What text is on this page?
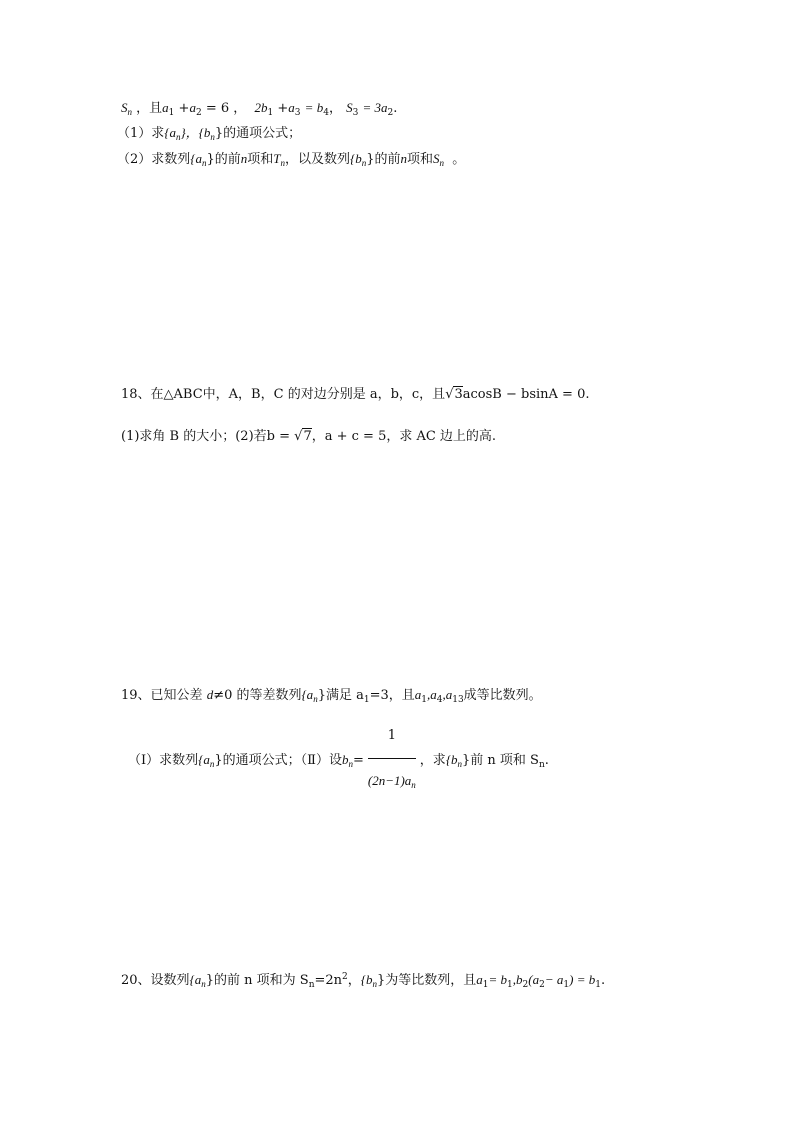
$S_n$ ，且$a_1 +a_2 = 6$ ， $2b_1 +a_3 = b_4$， $S_3 = 3a_2$.
（1）求$\{a_n\}$，$\{b_n\}$的通项公式；
（2）求数列$\{a_n\}$的前n项和$T_n$，以及数列$\{b_n\}$的前n项和$S_n$ 。
18、在△ABC中，A，B，C 的对边分别是 a，b，c，且√3acosB − bsinA = 0.
(1)求角 B 的大小；(2)若b = √7，a + c = 5，求 AC 边上的高.
19、已知公差 d≠0 的等差数列$\{a_n\}$满足 $a_1=3$，且$a_1,a_4,a_{13}$成等比数列。
（Ⅰ）求数列$\{a_n\}$的通项公式；（Ⅱ）设$b_n= \frac{1}{(2n-1)a_n}$ ，求$\{b_n\}$前 n 项和 $S_n$.
20、设数列$\{a_n\}$的前 n 项和为 $S_n=2n^2$，$\{b_n\}$为等比数列，且$a_1= b_1,b_2(a_2- a_1) = b_1$.
